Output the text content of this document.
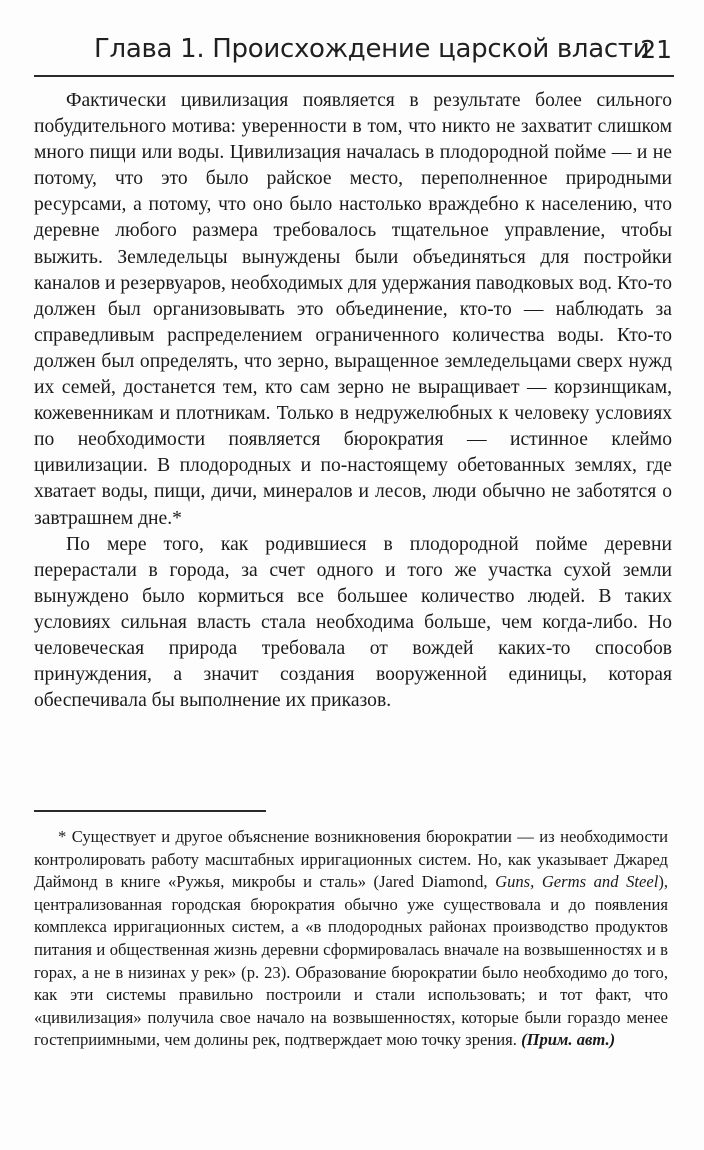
Глава 1. Происхождение царской власти
21

Фактически цивилизация появляется в результате более сильного побудительного мотива: уверенности в том, что никто не захватит слишком много пищи или воды. Цивилизация началась в плодородной пойме — и не потому, что это было райское место, переполненное природными ресурсами, а потому, что оно было настолько враждебно к населению, что деревне любого размера требовалось тщательное управление, чтобы выжить. Земледельцы вынуждены были объединяться для постройки каналов и резервуаров, необходимых для удержания паводковых вод. Кто-то должен был организовывать это объединение, кто-то — наблюдать за справедливым распределением ограниченного количества воды. Кто-то должен был определять, что зерно, выращенное земледельцами сверх нужд их семей, достанется тем, кто сам зерно не выращивает — корзинщикам, кожевенникам и плотникам. Только в недружелюбных к человеку условиях по необходимости появляется бюрократия — истинное клеймо цивилизации. В плодородных и по-настоящему обетованных землях, где хватает воды, пищи, дичи, минералов и лесов, люди обычно не заботятся о завтрашнем дне.*

По мере того, как родившиеся в плодородной пойме деревни перерастали в города, за счет одного и того же участка сухой земли вынуждено было кормиться все большее количество людей. В таких условиях сильная власть стала необходима больше, чем когда-либо. Но человеческая природа требовала от вождей каких-то способов принуждения, а значит создания вооруженной единицы, которая обеспечивала бы выполнение их приказов.

* Существует и другое объяснение возникновения бюрократии — из необходимости контролировать работу масштабных ирригационных систем. Но, как указывает Джаред Даймонд в книге «Ружья, микробы и сталь» (Jared Diamond, Guns, Germs and Steel), централизованная городская бюрократия обычно уже существовала и до появления комплекса ирригационных систем, а «в плодородных районах производство продуктов питания и общественная жизнь деревни сформировалась вначале на возвышенностях и в горах, а не в низинах у рек» (p. 23). Образование бюрократии было необходимо до того, как эти системы правильно построили и стали использовать; и тот факт, что «цивилизация» получила свое начало на возвышенностях, которые были гораздо менее гостеприимными, чем долины рек, подтверждает мою точку зрения. (Прим. авт.)
